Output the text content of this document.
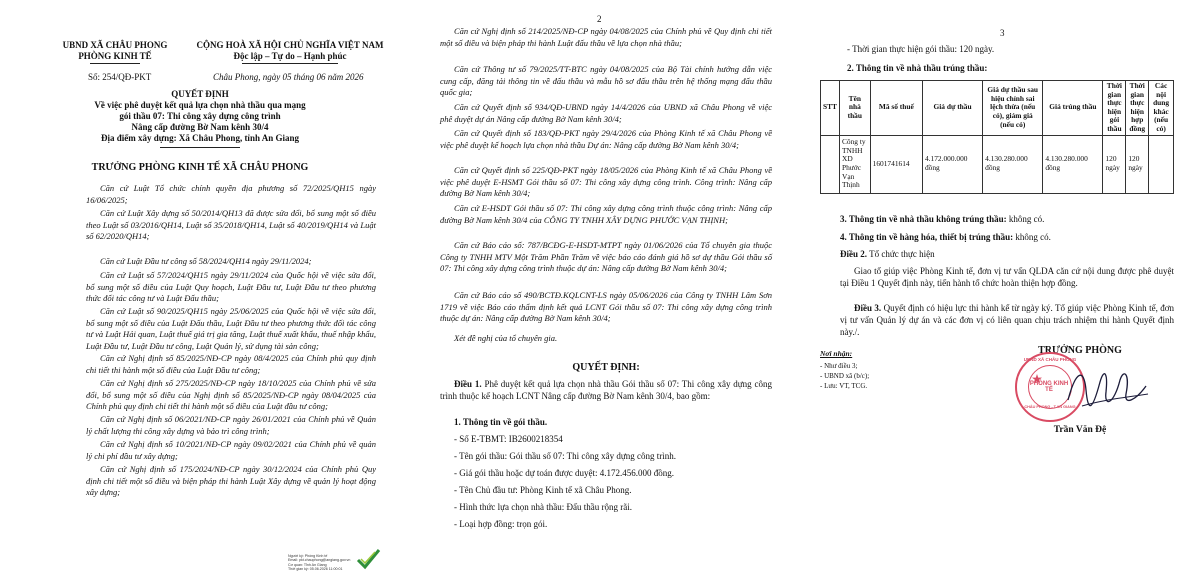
UBND XÃ CHÂU PHONG
PHÒNG KINH TẾ
CỘNG HOÀ XÃ HỘI CHỦ NGHĨA VIỆT NAM
Độc lập – Tự do – Hạnh phúc
Số: 254/QĐ-PKT	Châu Phong, ngày 05 tháng 06 năm 2026
QUYẾT ĐỊNH
Về việc phê duyệt kết quả lựa chọn nhà thầu qua mạng
gói thầu 07: Thi công xây dựng công trình
Nâng cấp đường Bờ Nam kênh 30/4
Địa điểm xây dựng: Xã Châu Phong, tỉnh An Giang
TRƯỞNG PHÒNG KINH TẾ XÃ CHÂU PHONG
Căn cứ Luật Tổ chức chính quyền địa phương số 72/2025/QH15 ngày 16/06/2025;
Căn cứ Luật Xây dựng số 50/2014/QH13 đã được sửa đổi, bổ sung một số điều theo Luật số 03/2016/QH14, Luật số 35/2018/QH14, Luật số 40/2019/QH14 và Luật số 62/2020/QH14;
Căn cứ Luật Đầu tư công số 58/2024/QH14 ngày 29/11/2024;
Căn cứ Luật số 57/2024/QH15 ngày 29/11/2024 của Quốc hội về việc sửa đổi, bổ sung một số điều của Luật Quy hoạch, Luật Đầu tư, Luật Đầu tư theo phương thức đối tác công tư và Luật Đấu thầu;
Căn cứ Luật số 90/2025/QH15 ngày 25/06/2025 của Quốc hội về việc sửa đổi, bổ sung một số điều của Luật Đấu thầu, Luật Đầu tư theo phương thức đối tác công tư và Luật Hải quan, Luật thuế giá trị gia tăng, Luật thuế xuất khẩu, thuế nhập khẩu, Luật Đầu tư, Luật Đầu tư công, Luật Quản lý, sử dụng tài sản công;
Căn cứ Nghị định số 85/2025/NĐ-CP ngày 08/4/2025 của Chính phủ quy định chi tiết thi hành một số điều của Luật Đầu tư công;
Căn cứ Nghị định số 275/2025/NĐ-CP ngày 18/10/2025 của Chính phủ về sửa đổi, bổ sung một số điều của Nghị định số 85/2025/NĐ-CP ngày 08/04/2025 của Chính phủ quy định chi tiết thi hành một số điều của Luật đầu tư công;
Căn cứ Nghị định số 06/2021/NĐ-CP ngày 26/01/2021 của Chính phủ về Quản lý chất lượng thi công xây dựng và bảo trì công trình;
Căn cứ Nghị định số 10/2021/NĐ-CP ngày 09/02/2021 của Chính phủ về quản lý chi phí đầu tư xây dựng;
Căn cứ Nghị định số 175/2024/NĐ-CP ngày 30/12/2024 của Chính phủ Quy định chi tiết một số điều và biện pháp thi hành Luật Xây dựng về quản lý hoạt động xây dựng;
2
Căn cứ Nghị định số 214/2025/NĐ-CP ngày 04/08/2025 của Chính phủ về Quy định chi tiết một số điều và biện pháp thi hành Luật đấu thầu về lựa chọn nhà thầu;
Căn cứ Thông tư số 79/2025/TT-BTC ngày 04/08/2025 của Bộ Tài chính hướng dẫn việc cung cấp, đăng tải thông tin về đấu thầu và mẫu hồ sơ đấu thầu trên hệ thống mạng đấu thầu quốc gia;
Căn cứ Quyết định số 934/QĐ-UBND ngày 14/4/2026 của UBND xã Châu Phong về việc phê duyệt dự án Nâng cấp đường Bờ Nam kênh 30/4;
Căn cứ Quyết định số 183/QĐ-PKT ngày 29/4/2026 của Phòng Kinh tế xã Châu Phong về việc phê duyệt kế hoạch lựa chọn nhà thầu Dự án: Nâng cấp đường Bờ Nam kênh 30/4;
Căn cứ Quyết định số 225/QĐ-PKT ngày 18/05/2026 của Phòng Kinh tế xã Châu Phong về việc phê duyệt E-HSMT Gói thầu số 07: Thi công xây dựng công trình. Công trình: Nâng cấp đường Bờ Nam kênh 30/4;
Căn cứ E-HSDT Gói thầu số 07: Thi công xây dựng công trình thuộc công trình: Nâng cấp đường Bờ Nam kênh 30/4 của CÔNG TY TNHH XÂY DỰNG PHƯỚC VẠN THỊNH;
Căn cứ Báo cáo số: 787/BCĐG-E-HSDT-MTPT ngày 01/06/2026 của Tổ chuyên gia thuộc Công ty TNHH MTV Một Trăm Phần Trăm về việc báo cáo đánh giá hồ sơ dự thầu Gói thầu số 07: Thi công xây dựng công trình thuộc dự án: Nâng cấp đường Bờ Nam kênh 30/4;
Căn cứ Báo cáo số 490/BCTĐ.KQLCNT-LS ngày 05/06/2026 của Công ty TNHH Lâm Sơn 1719 về việc Báo cáo thẩm định kết quả LCNT Gói thầu số 07: Thi công xây dựng công trình thuộc dự án: Nâng cấp đường Bờ Nam kênh 30/4;
Xét đề nghị của tổ chuyên gia.
QUYẾT ĐỊNH:
Điều 1. Phê duyệt kết quả lựa chọn nhà thầu Gói thầu số 07: Thi công xây dựng công trình thuộc kế hoạch LCNT Nâng cấp đường Bờ Nam kênh 30/4, bao gồm:
1. Thông tin về gói thầu.
- Số E-TBMT: IB2600218354
- Tên gói thầu: Gói thầu số 07: Thi công xây dựng công trình.
- Giá gói thầu hoặc dự toán được duyệt: 4.172.456.000 đồng.
- Tên Chủ đầu tư: Phòng Kinh tế xã Châu Phong.
- Hình thức lựa chọn nhà thầu: Đấu thầu rộng rãi.
- Loại hợp đồng: trọn gói.
Người ký: Phòng Kinh tế
Email: pkt.chauphong@angiang.gov.vn
Cơ quan: Tỉnh An Giang
Thời gian ký: 05.06.2026 11:00:01
3
- Thời gian thực hiện gói thầu: 120 ngày.
2. Thông tin về nhà thầu trúng thầu:
STT	Tên nhà thầu	Mã số thuế	Giá dự thầu	Giá dự thầu sau hiệu chỉnh sai lệch thừa (nếu có), giảm giá (nếu có)	Giá trúng thầu	Thời gian thực hiện gói thầu	Thời gian thực hiện hợp đồng	Các nội dung khác (nếu có)
	Công ty TNHH XD Phước Vạn Thịnh	1601741614	4.172.000.000 đồng	4.130.280.000 đồng	4.130.280.000 đồng	120 ngày	120 ngày	
3. Thông tin về nhà thầu không trúng thầu: không có.
4. Thông tin về hàng hóa, thiết bị trúng thầu: không có.
Điều 2. Tổ chức thực hiện
Giao tổ giúp việc Phòng Kinh tế, đơn vị tư vấn QLDA căn cứ nội dung được phê duyệt tại Điều 1 Quyết định này, tiến hành tổ chức hoàn thiện hợp đồng.
Điều 3. Quyết định có hiệu lực thi hành kể từ ngày ký. Tổ giúp việc Phòng Kinh tế, đơn vị tư vấn Quản lý dự án và các đơn vị có liên quan chịu trách nhiệm thi hành Quyết định này./.
Nơi nhận:
- Như điều 3;
- UBND xã (b/c);
- Lưu: VT, TCG.
TRƯỞNG PHÒNG
UBND XÃ CHÂU PHONG
PHÒNG KINH TẾ
CHÂU PHONG - T.AN GIANG
Trần Văn Đệ
